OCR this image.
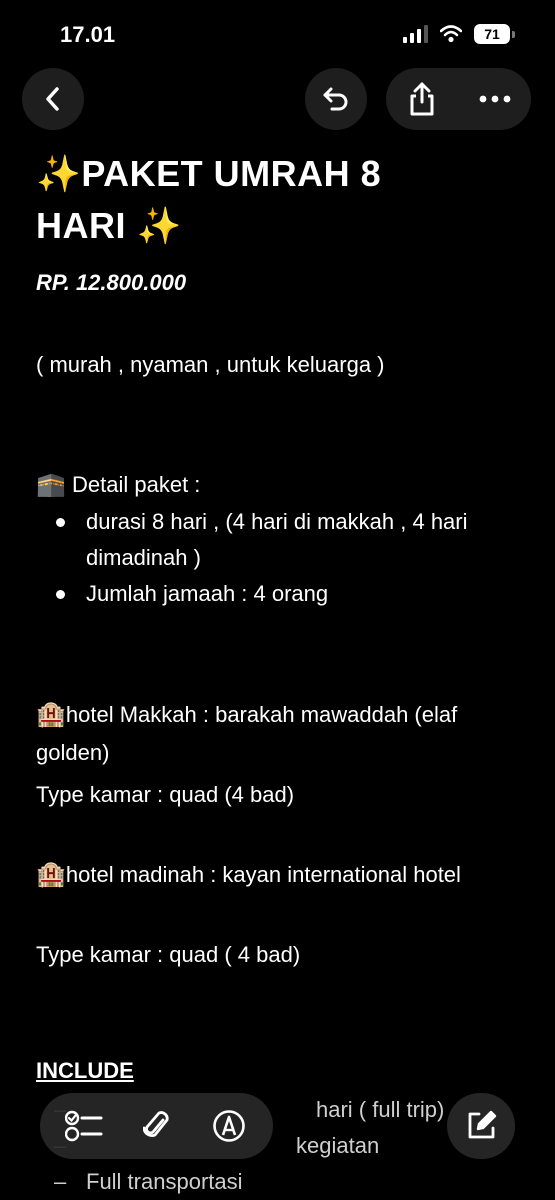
17.01	71

✨PAKET UMRAH 8

HARI ✨

RP. 12.800.000
( murah , nyaman , untuk keluarga )
🕋 Detail paket :
durasi 8 hari , (4 hari di makkah , 4 hari dimadinah )
Jumlah jamaah : 4 orang
🏨hotel Makkah : barakah mawaddah (elaf golden)
Type kamar : quad (4 bad)
🏨hotel madinah : kayan international hotel
Type kamar : quad ( 4 bad)
INCLUDE
– hari ( full trip)
– kegiatan
– Full transportasi
